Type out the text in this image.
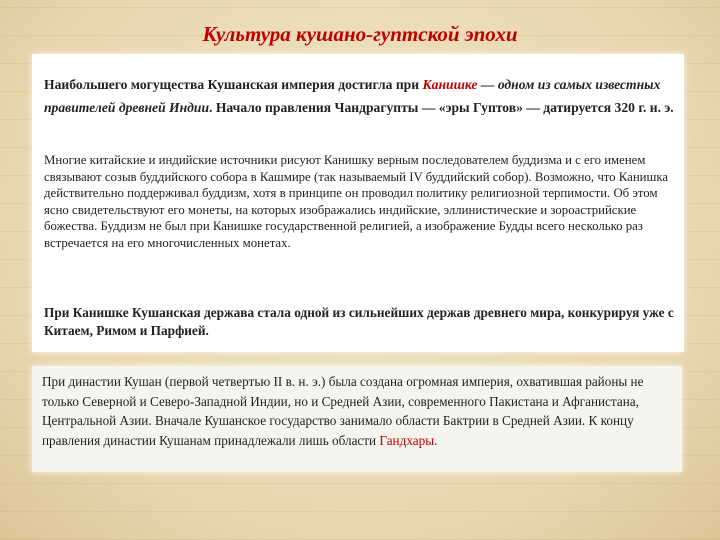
Культура кушано-гуптской эпохи

Наибольшего могущества Кушанская империя достигла при Канишке — одном из самых известных правителей древней Индии. Начало правления Чандрагупты — «эры Гуптов» — датируется 320 г. н. э.

Многие китайские и индийские источники рисуют Канишку верным последователем буддизма и с его именем связывают созыв буддийского собора в Кашмире (так называемый IV буддийский собор). Возможно, что Канишка действительно поддерживал буддизм, хотя в принципе он проводил политику религиозной терпимости. Об этом ясно свидетельствуют его монеты, на которых изображались индийские, эллинистические и зороастрийские божества. Буддизм не был при Канишке государственной религией, а изображение Будды всего несколько раз встречается на его многочисленных монетах.

При Канишке Кушанская держава стала одной из сильнейших держав древнего мира, конкурируя уже с Китаем, Римом и Парфией.

При династии Кушан (первой четвертью II в. н. э.) была создана огромная империя, охватившая районы не только Северной и Северо-Западной Индии, но и Средней Азии, современного Пакистана и Афганистана, Центральной Азии. Вначале Кушанское государство занимало области Бактрии в Средней Азии. К концу правления династии Кушанам принадлежали лишь области Гандхары.
